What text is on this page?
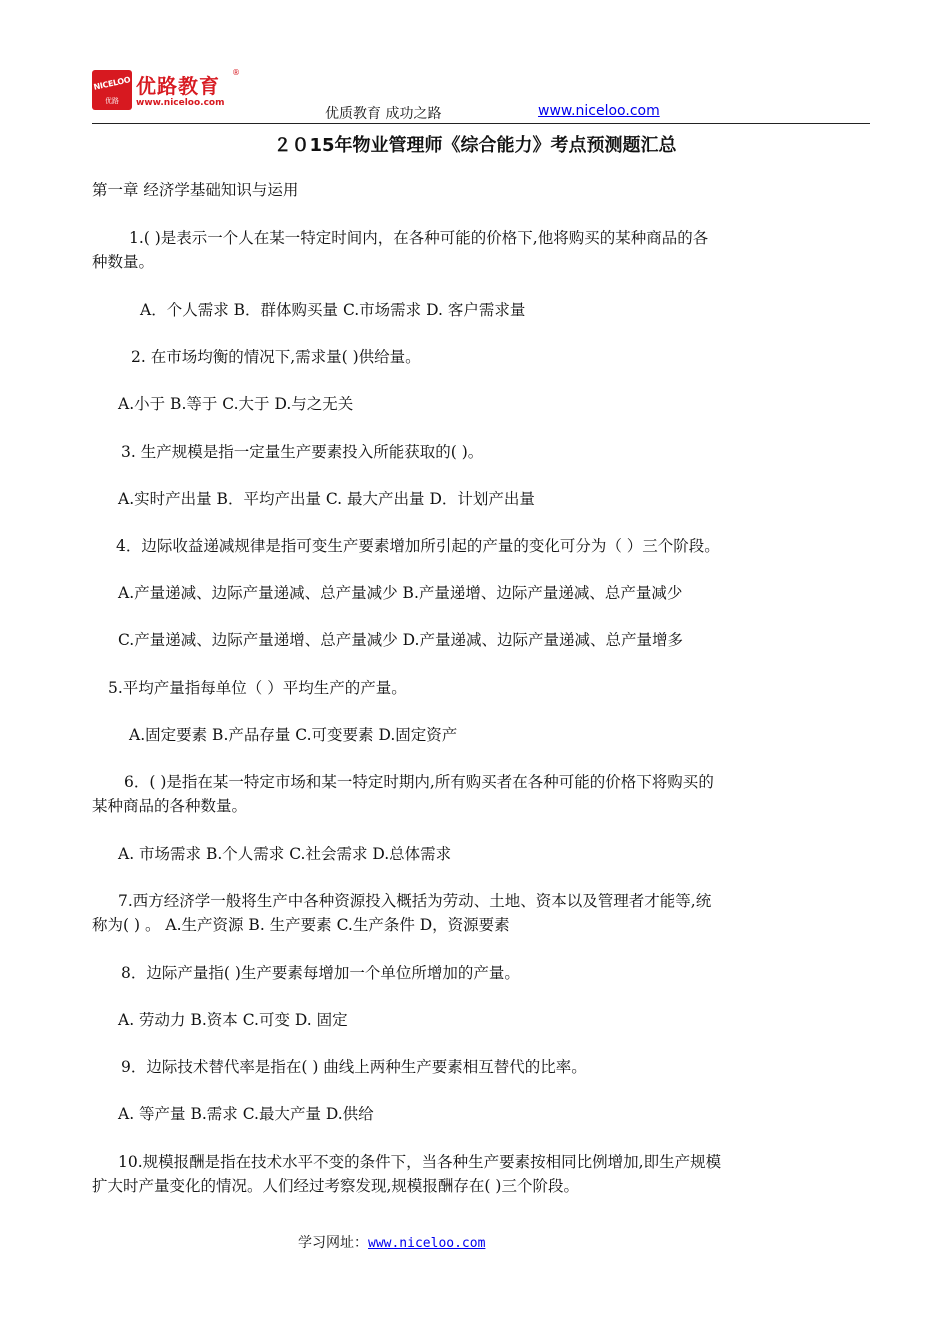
NICELOO
优路
优路教育
®
www.niceloo.com
优质教育 成功之路	www.niceloo.com
２０15年物业管理师《综合能力》考点预测题汇总
第一章 经济学基础知识与运用
1.( )是表示一个人在某一特定时间内，在各种可能的价格下,他将购买的某种商品的各
种数量。
A．个人需求 B．群体购买量 C.市场需求 D. 客户需求量
2. 在市场均衡的情况下,需求量( )供给量。
A.小于 B.等于 C.大于 D.与之无关
3. 生产规模是指一定量生产要素投入所能获取的( )。
A.实时产出量 B．平均产出量 C. 最大产出量 D．计划产出量
4．边际收益递减规律是指可变生产要素增加所引起的产量的变化可分为（ ）三个阶段。
A.产量递减、边际产量递减、总产量减少 B.产量递增、边际产量递减、总产量减少
C.产量递减、边际产量递增、总产量减少 D.产量递减、边际产量递减、总产量增多
5.平均产量指每单位（ ）平均生产的产量。
A.固定要素 B.产品存量 C.可变要素 D.固定资产
6．( )是指在某一特定市场和某一特定时期内,所有购买者在各种可能的价格下将购买的
某种商品的各种数量。
A. 市场需求 B.个人需求 C.社会需求 D.总体需求
7.西方经济学一般将生产中各种资源投入概括为劳动、土地、资本以及管理者才能等,统
称为( ) 。 A.生产资源 B. 生产要素 C.生产条件 D，资源要素
8．边际产量指( )生产要素每增加一个单位所增加的产量。
A. 劳动力 B.资本 C.可变 D. 固定
9．边际技术替代率是指在( ) 曲线上两种生产要素相互替代的比率。
A. 等产量 B.需求 C.最大产量 D.供给
10.规模报酬是指在技术水平不变的条件下，当各种生产要素按相同比例增加,即生产规模
扩大时产量变化的情况。人们经过考察发现,规模报酬存在( )三个阶段。
学习网址：www.niceloo.com
